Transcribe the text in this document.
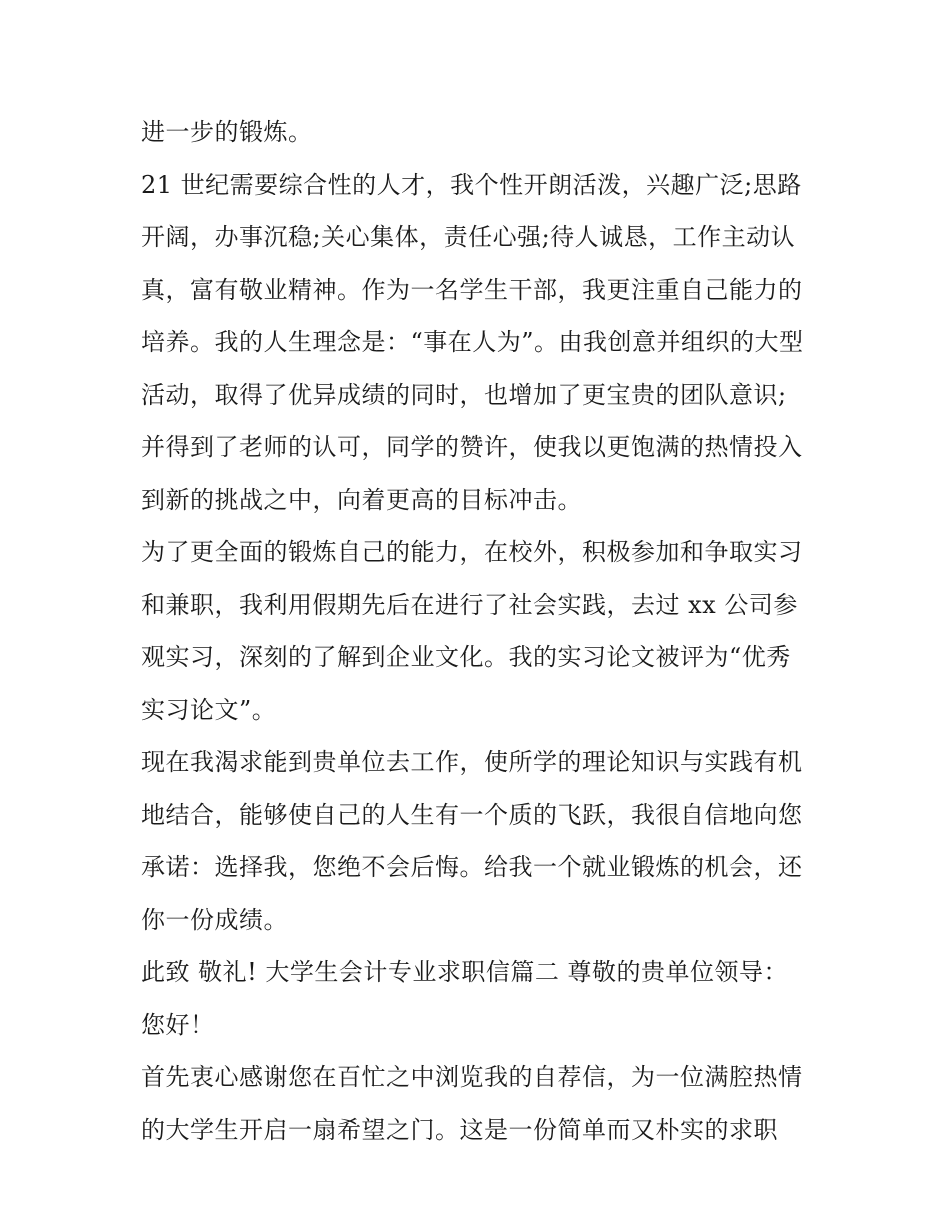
进一步的锻炼。
21 世纪需要综合性的人才，我个性开朗活泼，兴趣广泛;思路
开阔，办事沉稳;关心集体，责任心强;待人诚恳，工作主动认
真，富有敬业精神。作为一名学生干部，我更注重自己能力的
培养。我的人生理念是：“事在人为”。由我创意并组织的大型
活动，取得了优异成绩的同时，也增加了更宝贵的团队意识;
并得到了老师的认可，同学的赞许，使我以更饱满的热情投入
到新的挑战之中，向着更高的目标冲击。
为了更全面的锻炼自己的能力，在校外，积极参加和争取实习
和兼职，我利用假期先后在进行了社会实践，去过 xx 公司参
观实习，深刻的了解到企业文化。我的实习论文被评为“优秀
实习论文”。
现在我渴求能到贵单位去工作，使所学的理论知识与实践有机
地结合，能够使自己的人生有一个质的飞跃，我很自信地向您
承诺：选择我，您绝不会后悔。给我一个就业锻炼的机会，还
你一份成绩。
此致 敬礼! 大学生会计专业求职信篇二 尊敬的贵单位领导：
您好！
首先衷心感谢您在百忙之中浏览我的自荐信，为一位满腔热情
的大学生开启一扇希望之门。这是一份简单而又朴实的求职
